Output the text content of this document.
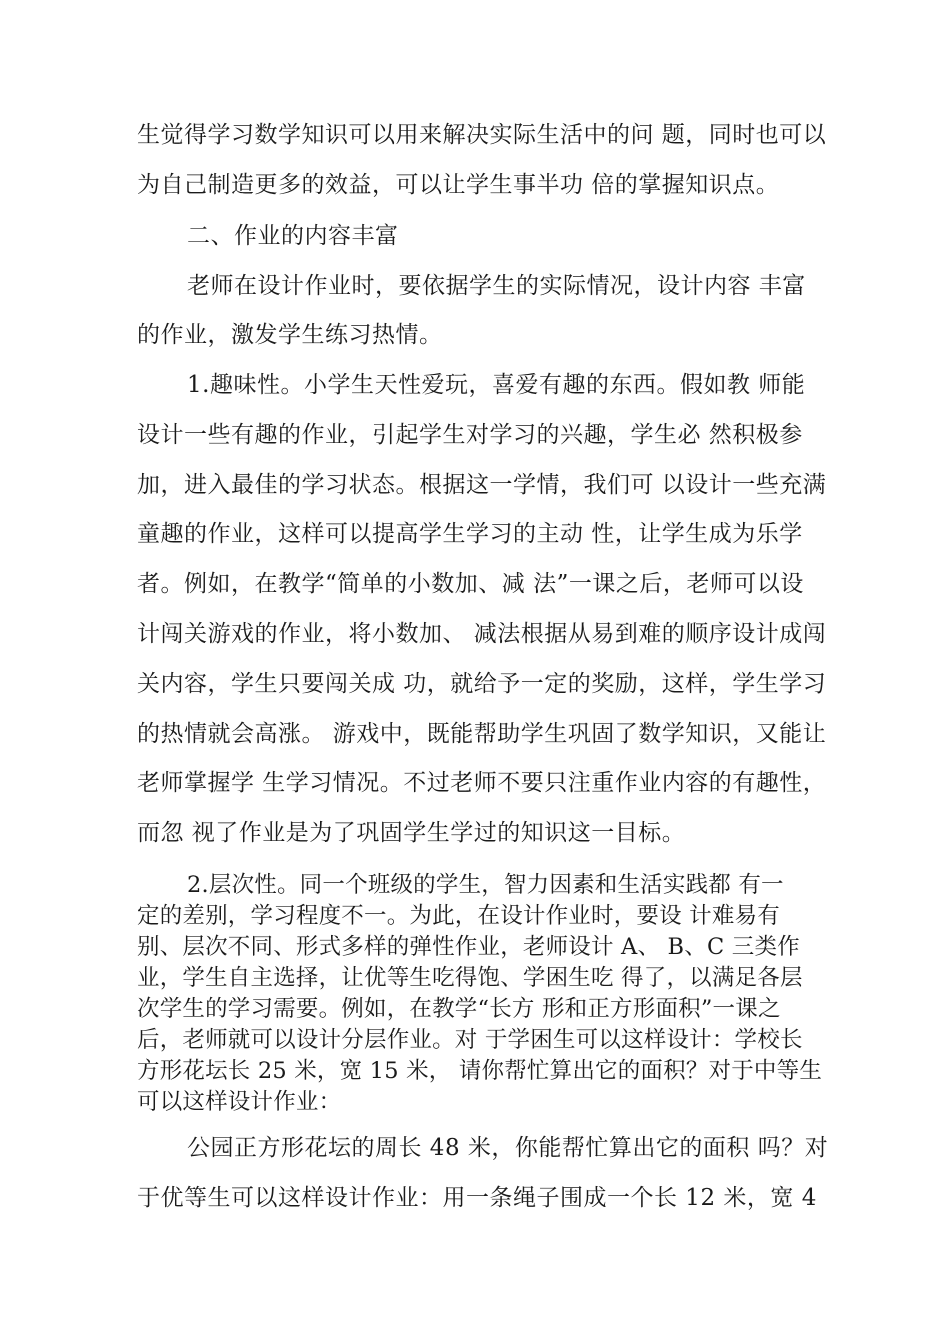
生觉得学习数学知识可以用来解决实际生活中的问 题，同时也可以
为自己制造更多的效益，可以让学生事半功 倍的掌握知识点。
二、作业的内容丰富
老师在设计作业时，要依据学生的实际情况，设计内容 丰富
的作业，激发学生练习热情。
1.趣味性。小学生天性爱玩，喜爱有趣的东西。假如教 师能
设计一些有趣的作业，引起学生对学习的兴趣，学生必 然积极参
加，进入最佳的学习状态。根据这一学情，我们可 以设计一些充满
童趣的作业，这样可以提高学生学习的主动 性，让学生成为乐学
者。例如，在教学“简单的小数加、减 法”一课之后，老师可以设
计闯关游戏的作业，将小数加、 减法根据从易到难的顺序设计成闯
关内容，学生只要闯关成 功，就给予一定的奖励，这样，学生学习
的热情就会高涨。 游戏中，既能帮助学生巩固了数学知识，又能让
老师掌握学 生学习情况。不过老师不要只注重作业内容的有趣性，
而忽 视了作业是为了巩固学生学过的知识这一目标。
2.层次性。同一个班级的学生，智力因素和生活实践都 有一
定的差别，学习程度不一。为此，在设计作业时，要设 计难易有
别、层次不同、形式多样的弹性作业，老师设计 A、 B、C 三类作
业，学生自主选择，让优等生吃得饱、学困生吃 得了，以满足各层
次学生的学习需要。例如，在教学“长方 形和正方形面积”一课之
后，老师就可以设计分层作业。对 于学困生可以这样设计：学校长
方形花坛长 25 米，宽 15 米， 请你帮忙算出它的面积？对于中等生
可以这样设计作业：
公园正方形花坛的周长 48 米，你能帮忙算出它的面积 吗？对
于优等生可以这样设计作业：用一条绳子围成一个长 12 米，宽 4
